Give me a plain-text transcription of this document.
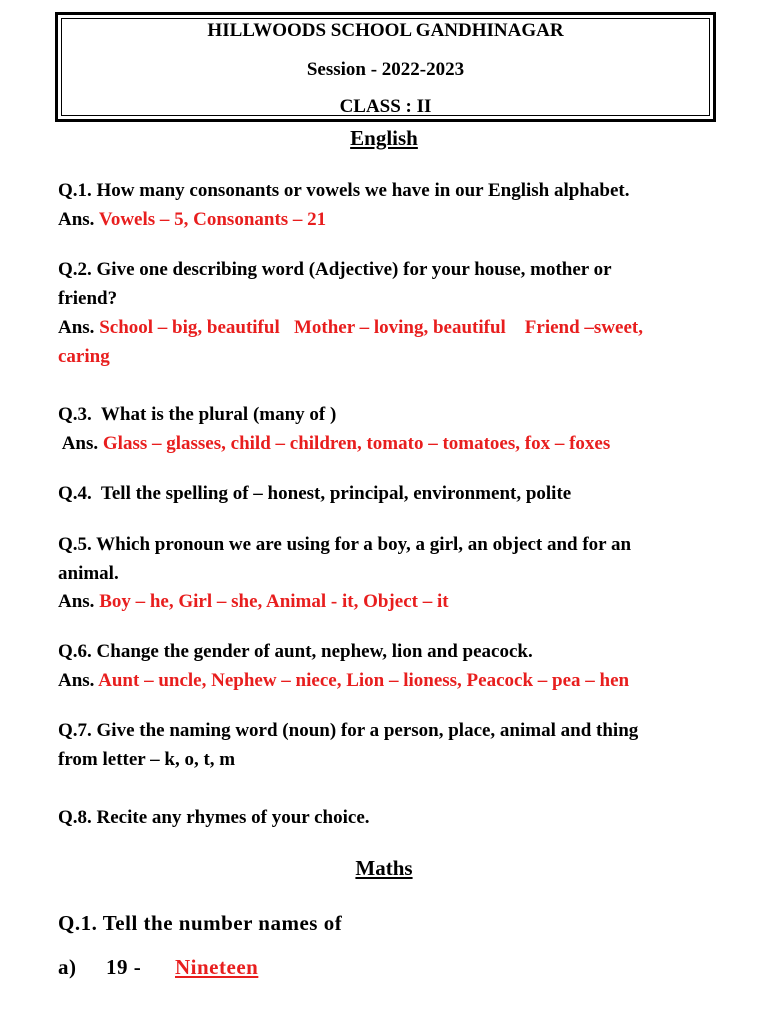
HILLWOODS SCHOOL GANDHINAGAR
Session - 2022-2023
CLASS : II
English
Q.1. How many consonants or vowels we have in our English alphabet.
Ans. Vowels – 5, Consonants – 21
Q.2. Give one describing word (Adjective) for your house, mother or
friend?
Ans. School – big, beautiful   Mother – loving, beautiful    Friend –sweet,
caring
Q.3.  What is the plural (many of )
Ans. Glass – glasses, child – children, tomato – tomatoes, fox – foxes
Q.4.  Tell the spelling of – honest, principal, environment, polite
Q.5. Which pronoun we are using for a boy, a girl, an object and for an
animal.
Ans. Boy – he, Girl – she, Animal - it, Object – it
Q.6. Change the gender of aunt, nephew, lion and peacock.
Ans. Aunt – uncle, Nephew – niece, Lion – lioness, Peacock – pea – hen
Q.7. Give the naming word (noun) for a person, place, animal and thing
from letter – k, o, t, m
Q.8. Recite any rhymes of your choice.
Maths
Q.1. Tell the number names of
a) 19 - Nineteen
